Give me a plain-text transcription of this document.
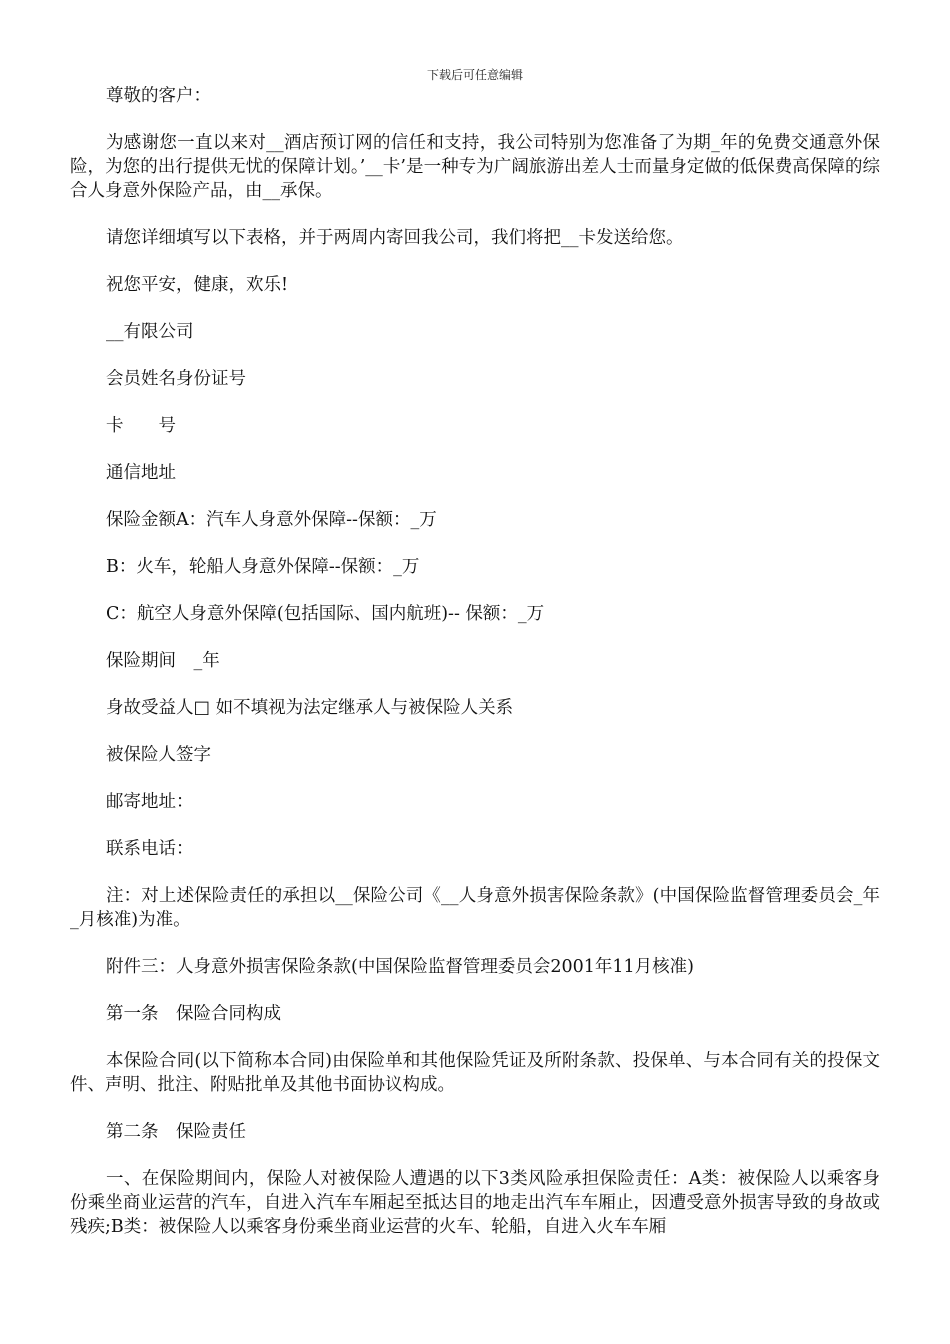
下载后可任意编辑

尊敬的客户：

为感谢您一直以来对__酒店预订网的信任和支持，我公司特别为您准备了为期_年的免费交通意外保险，为您的出行提供无忧的保障计划。’__卡’是一种专为广阔旅游出差人士而量身定做的低保费高保障的综合人身意外保险产品，由__承保。

请您详细填写以下表格，并于两周内寄回我公司，我们将把__卡发送给您。

祝您平安，健康，欢乐!

__有限公司

会员姓名身份证号

卡　　号

通信地址

保险金额A：汽车人身意外保障--保额：_万

B：火车，轮船人身意外保障--保额：_万

C：航空人身意外保障(包括国际、国内航班)-- 保额：_万

保险期间　_年

身故受益人□ 如不填视为法定继承人与被保险人关系

被保险人签字

邮寄地址：

联系电话：

注：对上述保险责任的承担以__保险公司《__人身意外损害保险条款》(中国保险监督管理委员会_年_月核准)为准。

附件三：人身意外损害保险条款(中国保险监督管理委员会2001年11月核准)

第一条　保险合同构成

本保险合同(以下简称本合同)由保险单和其他保险凭证及所附条款、投保单、与本合同有关的投保文件、声明、批注、附贴批单及其他书面协议构成。

第二条　保险责任

一、在保险期间内，保险人对被保险人遭遇的以下3类风险承担保险责任：A类：被保险人以乘客身份乘坐商业运营的汽车，自进入汽车车厢起至抵达目的地走出汽车车厢止，因遭受意外损害导致的身故或残疾;B类：被保险人以乘客身份乘坐商业运营的火车、轮船，自进入火车车厢
